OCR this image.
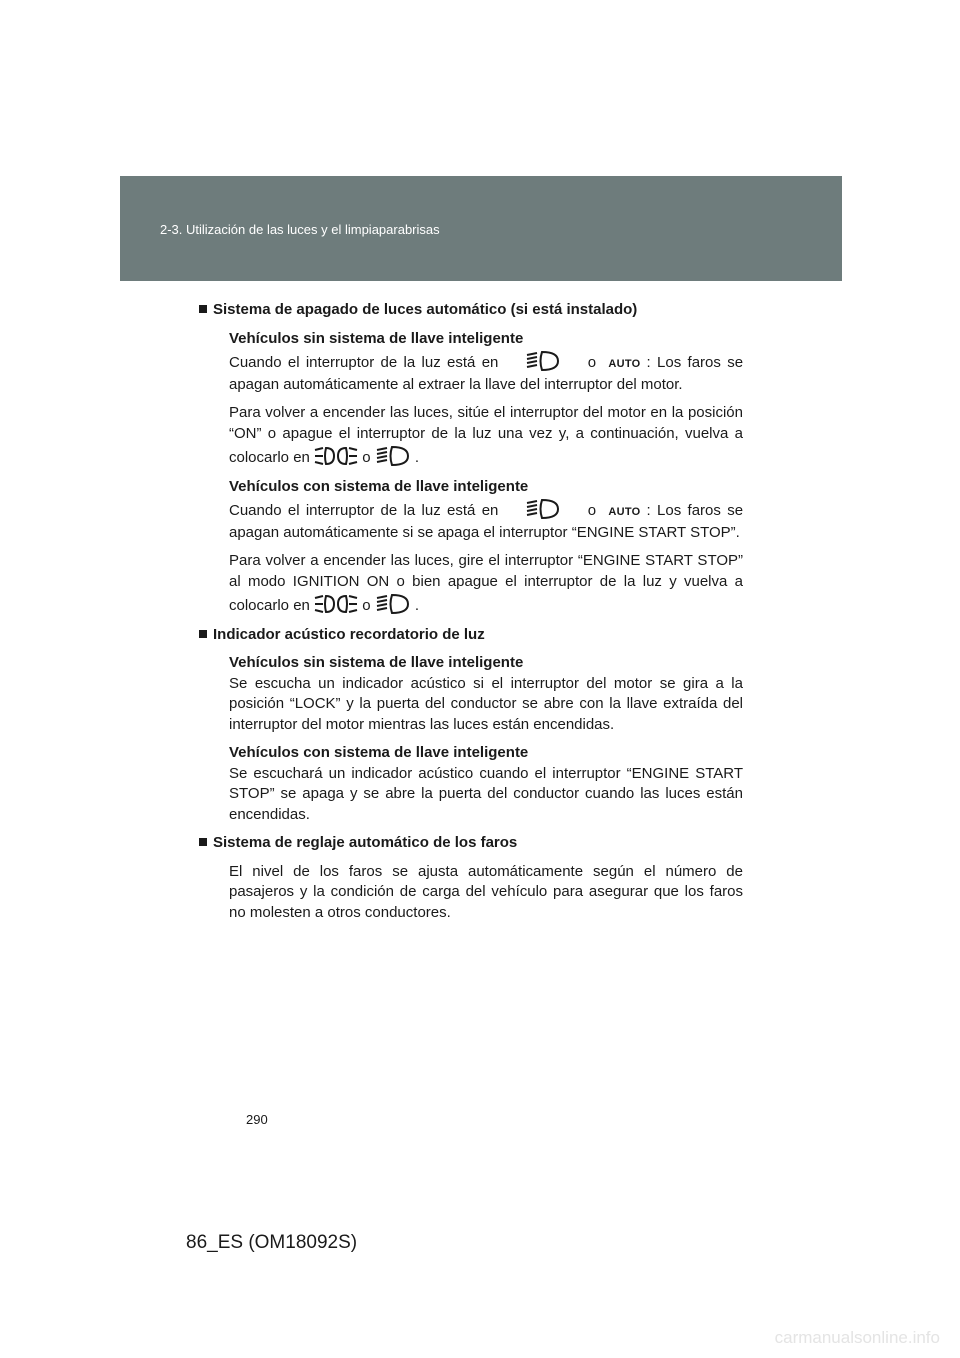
2-3. Utilización de las luces y el limpiaparabrisas
Sistema de apagado de luces automático (si está instalado)
Vehículos sin sistema de llave inteligente
Cuando el interruptor de la luz está en	o AUTO : Los faros se apagan automáticamente al extraer la llave del interruptor del motor.
Para volver a encender las luces, sitúe el interruptor del motor en la posición “ON” o apague el interruptor de la luz una vez y, a continuación, vuelva a colocarlo en	o	.
Vehículos con sistema de llave inteligente
Cuando el interruptor de la luz está en	o AUTO : Los faros se apagan automáticamente si se apaga el interruptor “ENGINE START STOP”.
Para volver a encender las luces, gire el interruptor “ENGINE START STOP” al modo IGNITION ON o bien apague el interruptor de la luz y vuelva a colocarlo en	o	.
Indicador acústico recordatorio de luz
Vehículos sin sistema de llave inteligente
Se escucha un indicador acústico si el interruptor del motor se gira a la posición “LOCK” y la puerta del conductor se abre con la llave extraída del interruptor del motor mientras las luces están encendidas.
Vehículos con sistema de llave inteligente
Se escuchará un indicador acústico cuando el interruptor “ENGINE START STOP” se apaga y se abre la puerta del conductor cuando las luces están encendidas.
Sistema de reglaje automático de los faros
El nivel de los faros se ajusta automáticamente según el número de pasajeros y la condición de carga del vehículo para asegurar que los faros no molesten a otros conductores.
290
86_ES (OM18092S)
carmanualsonline.info
